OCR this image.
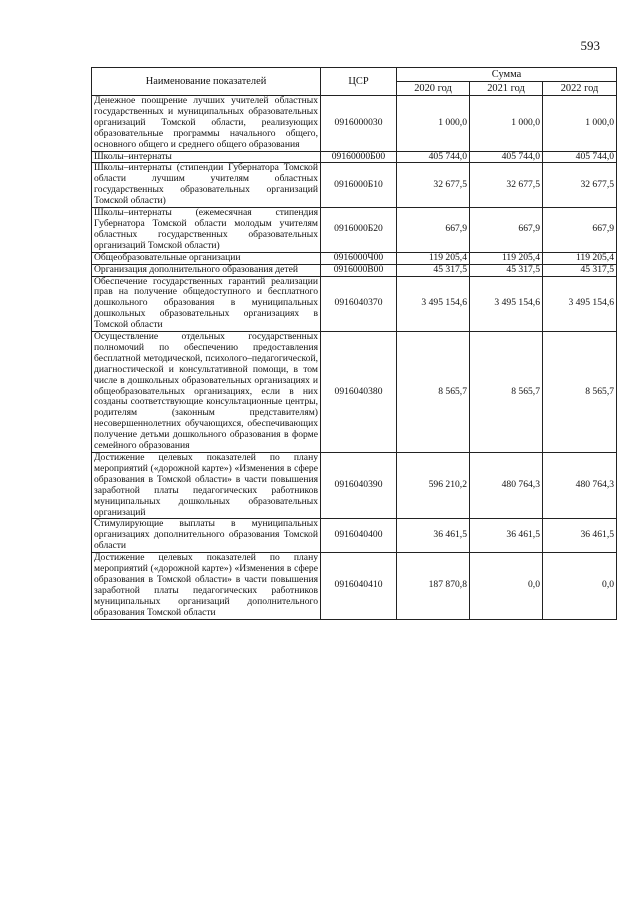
593
Наименование показателей	ЦСР	Сумма		
		2020 год	2021 год	2022 год
Денежное поощрение лучших учителей областных государственных и муниципальных образовательных организаций Томской области, реализующих образовательные программы начального общего, основного общего и среднего общего образования	0916000030	1 000,0	1 000,0	1 000,0
Школы–интернаты	09160000Б00	405 744,0	405 744,0	405 744,0
Школы–интернаты (стипендии Губернатора Томской области лучшим учителям областных государственных образовательных организаций Томской области)	0916000Б10	32 677,5	32 677,5	32 677,5
Школы–интернаты (ежемесячная стипендия Губернатора Томской области молодым учителям областных государственных образовательных организаций Томской области)	0916000Б20	667,9	667,9	667,9
Общеобразовательные организации	0916000Ч00	119 205,4	119 205,4	119 205,4
Организация дополнительного образования детей	0916000В00	45 317,5	45 317,5	45 317,5
Обеспечение государственных гарантий реализации прав на получение общедоступного и бесплатного дошкольного образования в муниципальных дошкольных образовательных организациях в Томской области	0916040370	3 495 154,6	3 495 154,6	3 495 154,6
Осуществление отдельных государственных полномочий по обеспечению предоставления бесплатной методической, психолого–педагогической, диагностической и консультативной помощи, в том числе в дошкольных образовательных организациях и общеобразовательных организациях, если в них созданы соответствующие консультационные центры, родителям (законным представителям) несовершеннолетних обучающихся, обеспечивающих получение детьми дошкольного образования в форме семейного образования	0916040380	8 565,7	8 565,7	8 565,7
Достижение целевых показателей по плану мероприятий («дорожной карте») «Изменения в сфере образования в Томской области» в части повышения заработной платы педагогических работников муниципальных дошкольных образовательных организаций	0916040390	596 210,2	480 764,3	480 764,3
Стимулирующие выплаты в муниципальных организациях дополнительного образования Томской области	0916040400	36 461,5	36 461,5	36 461,5
Достижение целевых показателей по плану мероприятий («дорожной карте») «Изменения в сфере образования в Томской области» в части повышения заработной платы педагогических работников муниципальных организаций дополнительного образования Томской области	0916040410	187 870,8	0,0	0,0
